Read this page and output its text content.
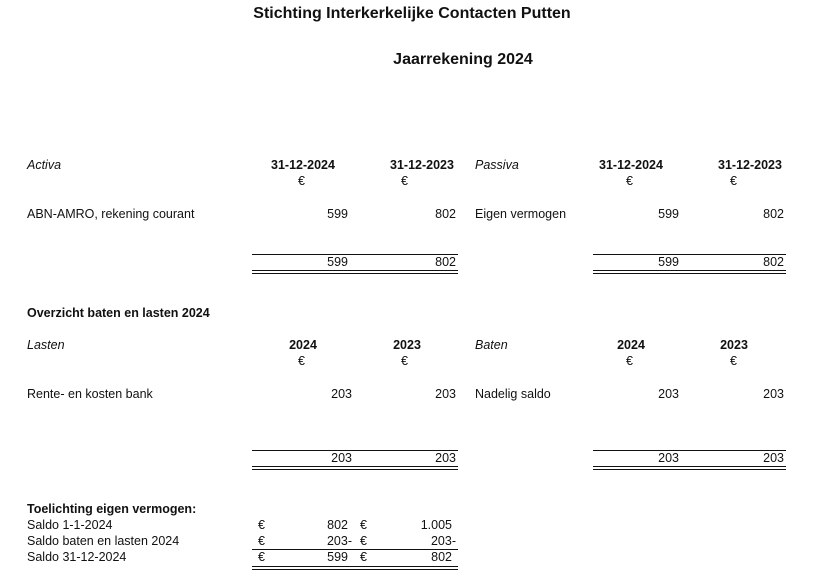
Stichting Interkerkelijke Contacten Putten
Jaarrekening 2024
Activa	31-12-2024	31-12-2023
€	€
ABN-AMRO, rekening courant	599	802
599	802
Passiva	31-12-2024	31-12-2023
€	€
Eigen vermogen	599	802
599	802
Overzicht baten en lasten 2024
Lasten	2024	2023
€	€
Rente- en kosten bank	203	203
203	203
Baten	2024	2023
€	€
Nadelig saldo	203	203
203	203
Toelichting eigen vermogen:
Saldo 1-1-2024	€	802 €	1.005
Saldo baten en lasten 2024	€	203- €	203-
Saldo 31-12-2024	€	599 €	802
